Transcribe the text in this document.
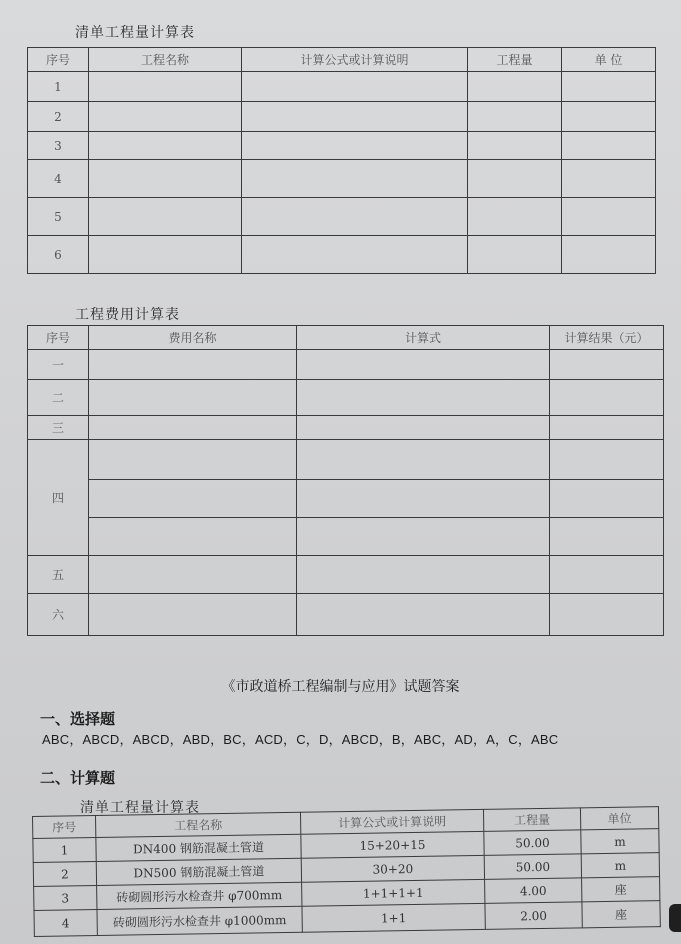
清单工程量计算表
序号	工程名称	计算公式或计算说明	工程量	单 位
1				
2				
3				
4				
5				
6				
工程费用计算表
序号	费用名称	计算式	计算结果（元）
一			
二			
三			
四			

五			
六			
《市政道桥工程编制与应用》试题答案
一、选择题
ABC，ABCD，ABCD，ABD，BC，ACD，C，D，ABCD，B，ABC，AD，A，C，ABC
二、计算题
清单工程量计算表
序号	工程名称	计算公式或计算说明	工程量	单位
1	DN400 钢筋混凝土管道	15+20+15	50.00	m
2	DN500 钢筋混凝土管道	30+20	50.00	m
3	砖砌圆形污水检查井 φ700mm	1+1+1+1	4.00	座
4	砖砌圆形污水检查井 φ1000mm	1+1	2.00	座
